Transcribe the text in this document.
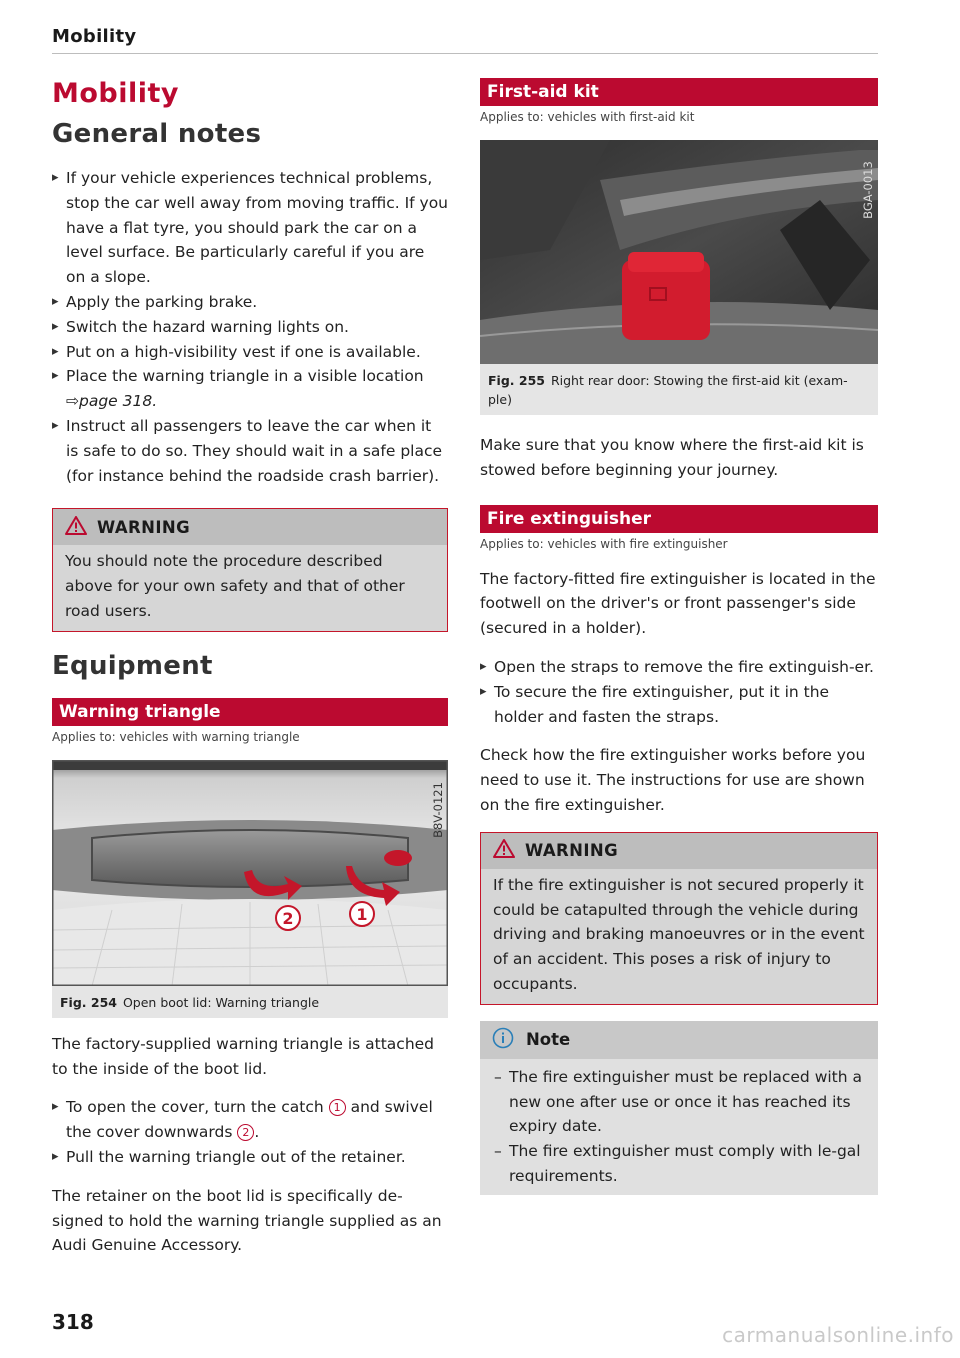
Mobility
Mobility
General notes
▸ If your vehicle experiences technical problems, stop the car well away from moving traffic. If you have a flat tyre, you should park the car on a level surface. Be particularly careful if you are on a slope.
▸ Apply the parking brake.
▸ Switch the hazard warning lights on.
▸ Put on a high-visibility vest if one is available.
▸ Place the warning triangle in a visible location
⇨page 318.
▸ Instruct all passengers to leave the car when it is safe to do so. They should wait in a safe place (for instance behind the roadside crash barrier).
WARNING
You should note the procedure described above for your own safety and that of other road users.
Equipment
Warning triangle
Applies to: vehicles with warning triangle
2	1
B8V-0121
Fig. 254 Open boot lid: Warning triangle

The factory-supplied warning triangle is attached to the inside of the boot lid.

▸ To open the cover, turn the catch 1 and swivel the cover downwards 2 .
▸ Pull the warning triangle out of the retainer.

The retainer on the boot lid is specifically de-signed to hold the warning triangle supplied as an Audi Genuine Accessory.

First-aid kit
Applies to: vehicles with first-aid kit
BGA-0013
Fig. 255 Right rear door: Stowing the first-aid kit (exam-ple)

Make sure that you know where the first-aid kit is stowed before beginning your journey.

Fire extinguisher
Applies to: vehicles with fire extinguisher

The factory-fitted fire extinguisher is located in the footwell on the driver's or front passenger's side (secured in a holder).

▸ Open the straps to remove the fire extinguish-er.
▸ To secure the fire extinguisher, put it in the holder and fasten the straps.

Check how the fire extinguisher works before you need to use it. The instructions for use are shown on the fire extinguisher.

WARNING
If the fire extinguisher is not secured properly it could be catapulted through the vehicle during driving and braking manoeuvres or in the event of an accident. This poses a risk of injury to occupants.
Note
– The fire extinguisher must be replaced with a new one after use or once it has reached its expiry date.
– The fire extinguisher must comply with le-gal requirements.
318
carmanualsonline.info
